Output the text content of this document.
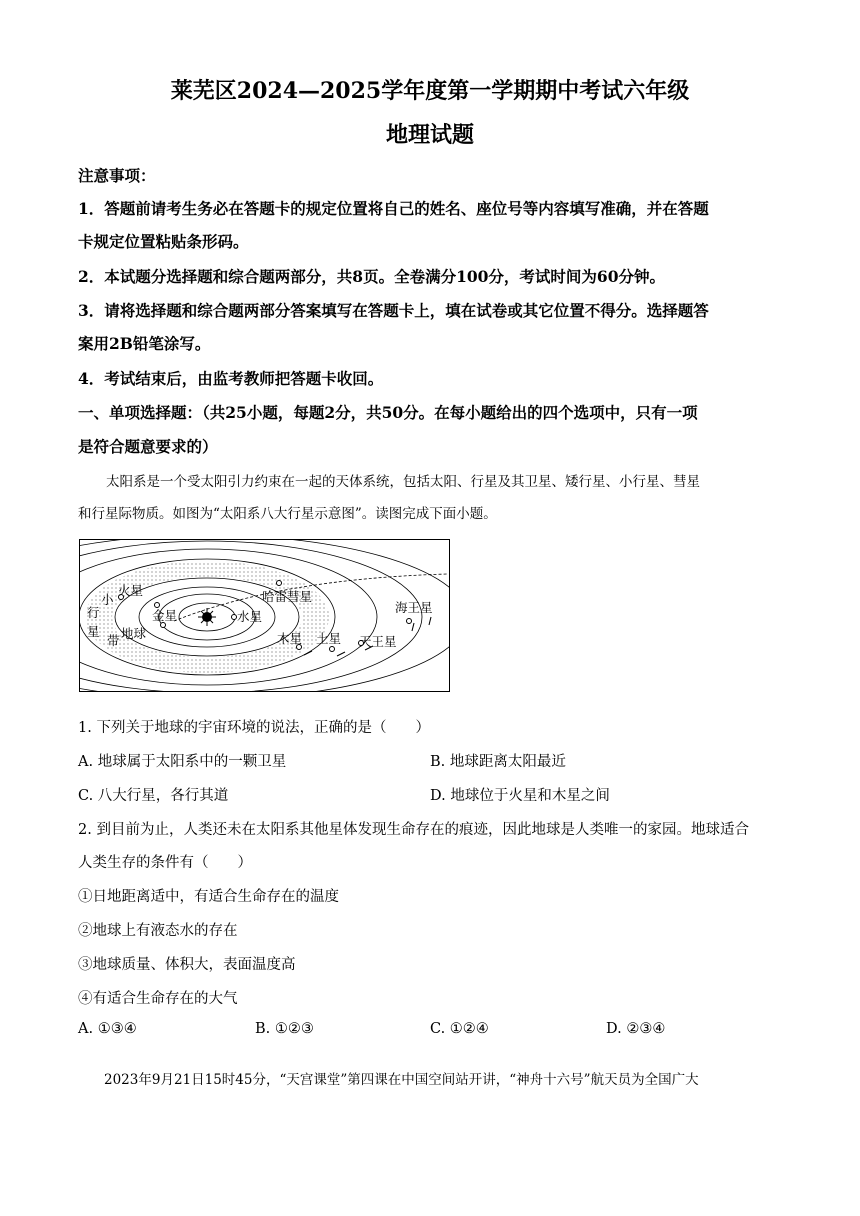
莱芜区2024—2025学年度第一学期期中考试六年级
地理试题
注意事项：
1．答题前请考生务必在答题卡的规定位置将自己的姓名、座位号等内容填写准确，并在答题
卡规定位置粘贴条形码。
2．本试题分选择题和综合题两部分，共8页。全卷满分100分，考试时间为60分钟。
3．请将选择题和综合题两部分答案填写在答题卡上，填在试卷或其它位置不得分。选择题答
案用2B铅笔涂写。
4．考试结束后，由监考教师把答题卡收回。
一、单项选择题：（共25小题，每题2分，共50分。在每小题给出的四个选项中，只有一项
是符合题意要求的）
太阳系是一个受太阳引力约束在一起的天体系统，包括太阳、行星及其卫星、矮行星、小行星、彗星
和行星际物质。如图为“太阳系八大行星示意图”。读图完成下面小题。
火星
小
行
星
带
金星
地球
水星
哈雷彗星
海王星
木星 土星 天王星
1. 下列关于地球的宇宙环境的说法，正确的是（　　）
A. 地球属于太阳系中的一颗卫星	B. 地球距离太阳最近
C. 八大行星，各行其道	D. 地球位于火星和木星之间
2. 到目前为止，人类还未在太阳系其他星体发现生命存在的痕迹，因此地球是人类唯一的家园。地球适合
人类生存的条件有（　　）
①日地距离适中，有适合生命存在的温度
②地球上有液态水的存在
③地球质量、体积大，表面温度高
④有适合生命存在的大气
A. ①③④	B. ①②③	C. ①②④	D. ②③④
2023年9月21日15时45分，“天宫课堂”第四课在中国空间站开讲，“神舟十六号”航天员为全国广大
